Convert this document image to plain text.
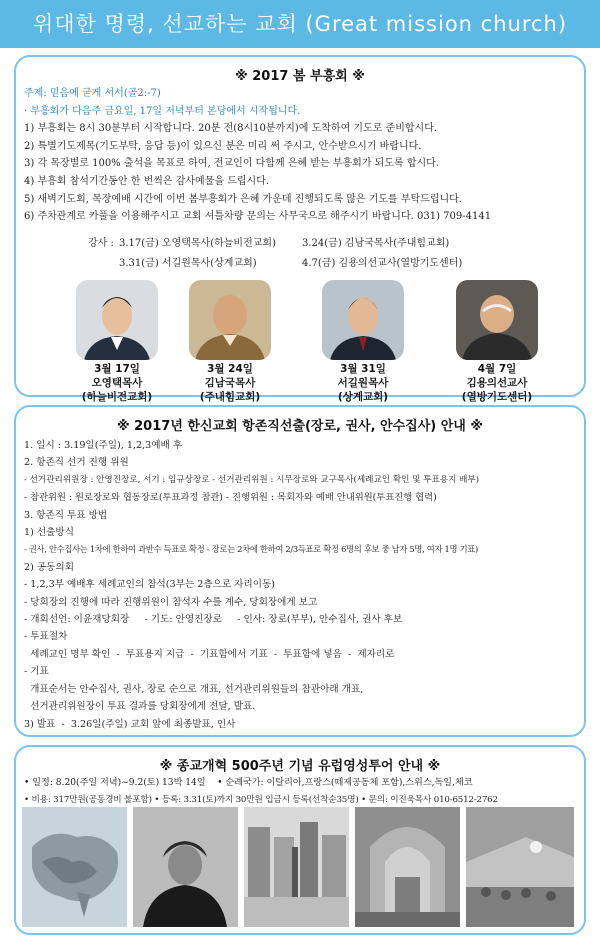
위대한 명령, 선교하는 교회 (Great mission church)
※ 2017 봄 부흥회 ※
주제: 믿음에 굳게 서서(골2:-7)
· 부흥회가 다음주 금요일, 17일 저녁부터 본당에서 시작됩니다.
1) 부흥회는 8시 30분부터 시작합니다. 20분 전(8시10분까지)에 도착하여 기도로 준비합시다.
2) 특별기도제목(기도부탁, 응답 등)이 있으신 분은 미리 써 주시고, 안수받으시기 바랍니다.
3) 각 목장별로 100% 출석을 목표로 하여, 전교인이 다함께 은혜 받는 부흥회가 되도록 합시다.
4) 부흥회 참석기간동안 한 번씩은 감사예물을 드립시다.
5) 새벽기도회, 목장예배 시간에 이번 봄부흥회가 은혜 가운데 진행되도록 많은 기도를 부탁드립니다.
6) 주차관계로 카풀을 이용해주시고 교회 셔틀차량 문의는 사무국으로 해주시기 바랍니다. 031) 709-4141
강사 : 3.17(금) 오영택목사(하늘비전교회)	3.24(금) 김남국목사(주내힘교회)
3.31(금) 서길원목사(상계교회)	4.7(금) 김용의선교사(열방기도센터)
3월 17일
오영택목사
(하늘비전교회)
3월 24일
김남국목사
(주내힘교회)
3월 31일
서길원목사
(상계교회)
4월 7일
김용의선교사
(열방기도센터)
※ 2017년 한신교회 항존직선출(장로, 권사, 안수집사) 안내 ※
1. 일시 : 3.19일(주일), 1,2,3예배 후
2. 항존직 선거 진행 위원
- 선거관리위원장 : 안영진장로, 서기 : 임규상장로 - 선거관리위원 : 시무장로와 교구목사(세례교인 확인 및 투표용지 배부)
- 참관위원 : 원로장로와 협동장로(투표과정 참관) - 진행위원 : 목회자와 예배 안내위원(투표진행 협력)
3. 항존직 투표 방법
1) 선출방식
- 권사, 안수집사는 1차에 한하여 과반수 득표로 확정 - 장로는 2차에 한하여 2/3득표로 확정 6명의 후보 중 남자 5명, 여자 1명 기표)
2) 공동의회
- 1,2,3부 예배후 세례교인의 참석(3부는 2층으로 자리이동)
- 당회장의 진행에 따라 진행위원이 참석자 수를 계수, 당회장에게 보고
- 개회선언: 이윤재당회장     - 기도: 안영진장로     - 인사: 장로(부부), 안수집사, 권사 후보
- 투표절차
세례교인 명부 확인  -  투표용지 지급  -  기표함에서 기표  -  투표함에 넣음  -  제자리로
- 기표
개표순서는 안수집사, 권사, 장로 순으로 개표, 선거관리위원들의 참관아래 개표,
선거관리위원장이 투표 결과를 당회장에게 전달, 발표.
3) 발표  -  3.26일(주일) 교회 앞에 최종발표, 인사
※ 종교개혁 500주년 기념 유럽영성투어 안내 ※
• 일정: 8.20(주일 저녁)~9.2(토) 13박 14일    • 순례국가: 이탈리아,프랑스(떼제공동체 포함),스위스,독일,체코
• 비용: 317만원(공동경비 불포함) • 등록: 3.31(토)까지 30만원 입금시 등록(선착순35명) • 문의: 이진욱목사 010-6512-2762
